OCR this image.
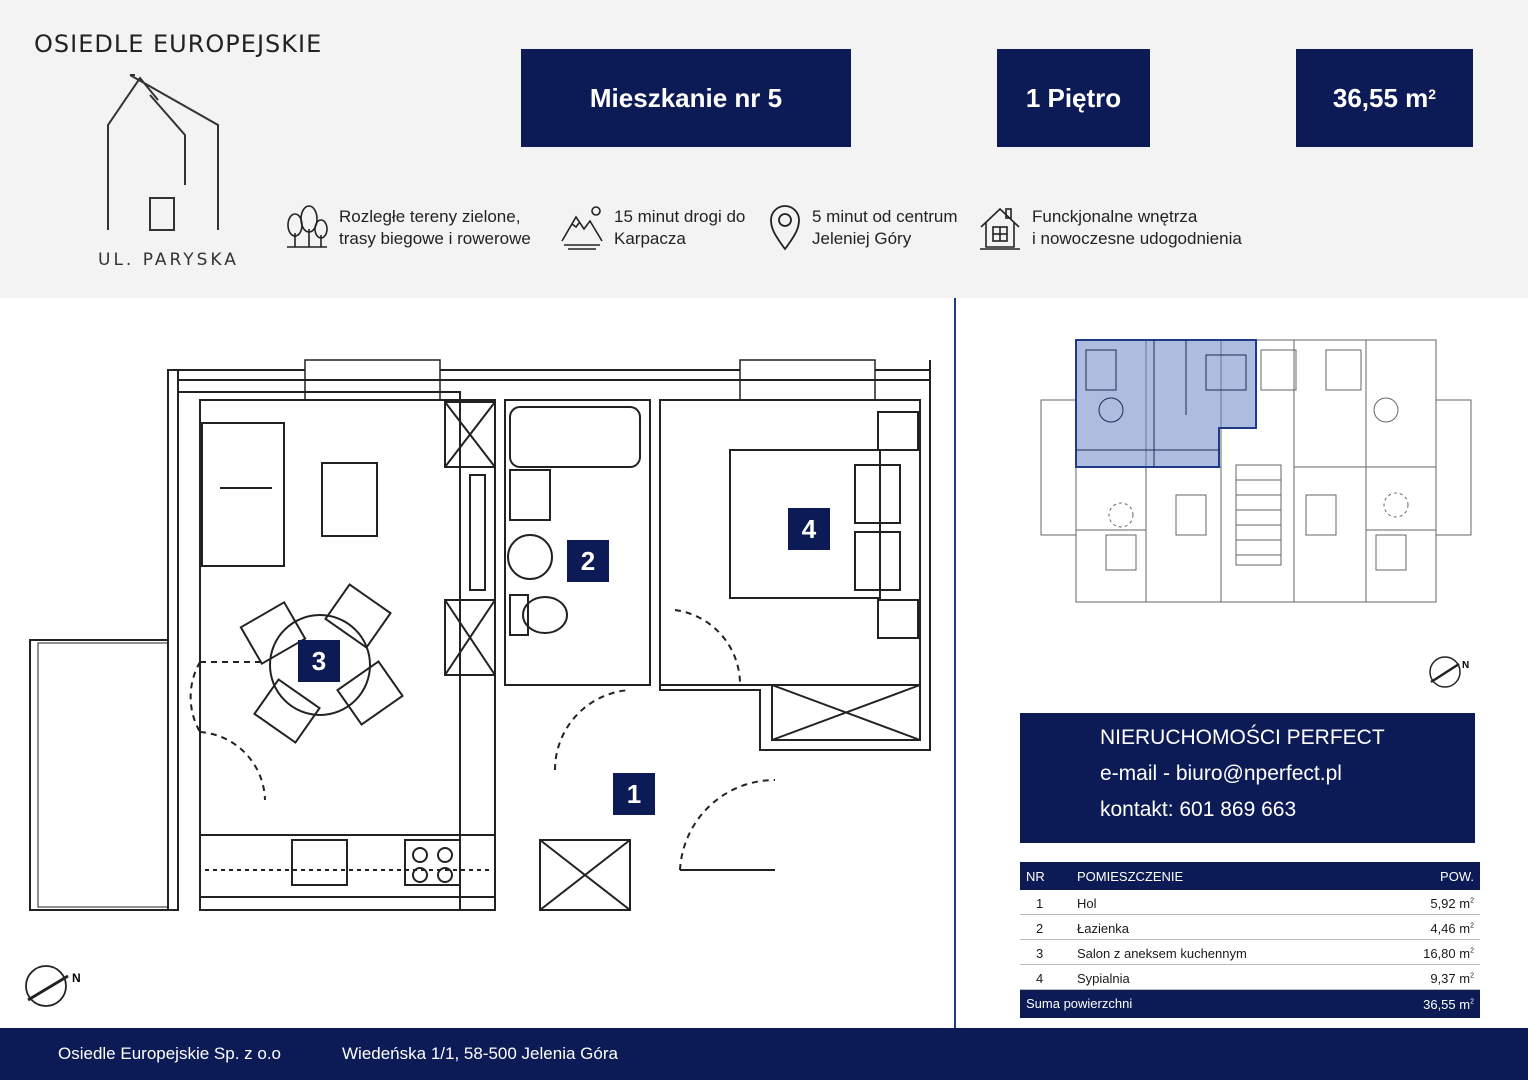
OSIEDLE EUROPEJSKIE
UL. PARYSKA
Mieszkanie nr 5	1 Piętro	36,55 $m^2$
Rozległe tereny zielone,
trasy biegowe i rowerowe
15 minut drogi do
Karpacza
5 minut od centrum
Jeleniej Góry
Funckjonalne wnętrza
i nowoczesne udogodnienia
1
2
3
4
N
N
NIERUCHOMOŚCI PERFECT
e-mail - biuro@nperfect.pl
kontakt: 601 869 663
NR POMIESZCZENIE	POW.
1	Hol	5,92 $m^2$
2	Łazienka	4,46 $m^2$
3	Salon z aneksem kuchennym	16,80 $m^2$
4	Sypialnia	9,37 $m^2$
Suma powierzchni	36,55 $m^2$
Osiedle Europejskie Sp. z o.o	Wiedeńska 1/1, 58-500 Jelenia Góra
